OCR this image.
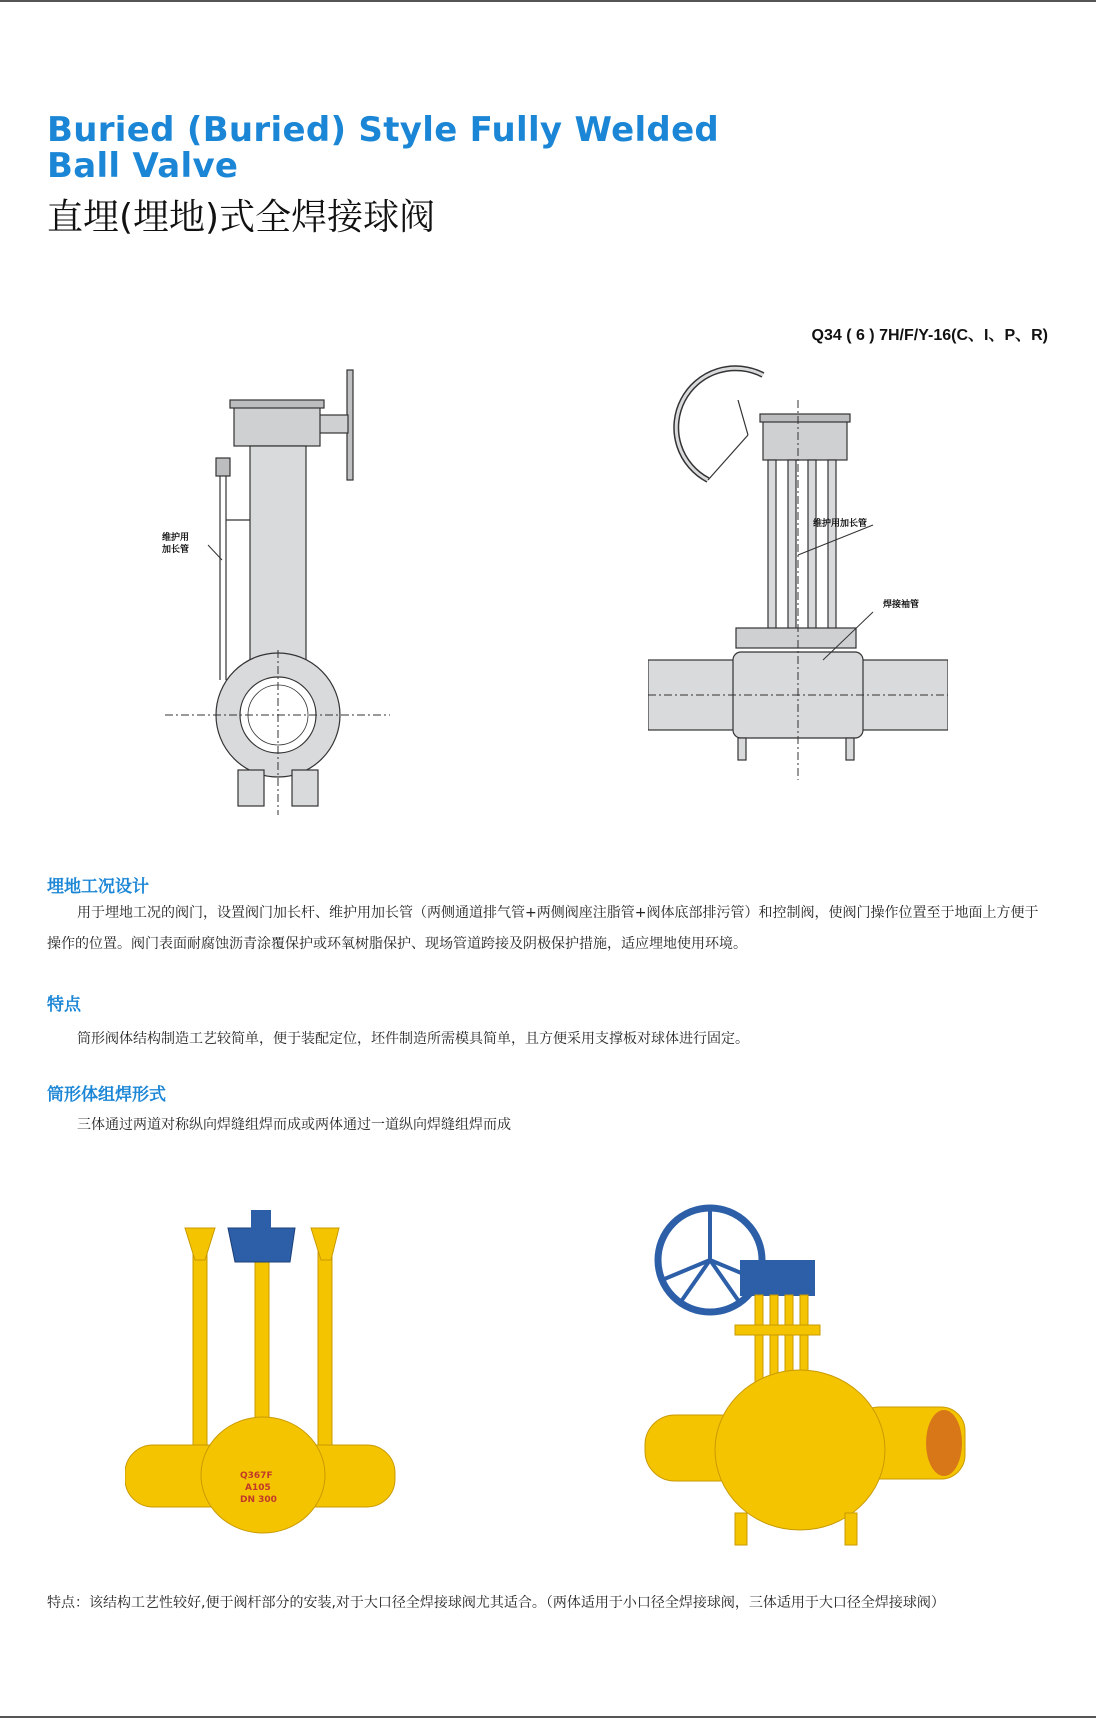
Buried (Buried) Style Fully Welded Ball Valve
直埋(埋地)式全焊接球阀
Q34 ( 6 ) 7H/F/Y-16(C、I、P、R)
维护用
加长管
维护用加长管
焊接袖管
埋地工况设计
用于埋地工况的阀门，设置阀门加长杆、维护用加长管（两侧通道排气管+两侧阀座注脂管+阀体底部排污管）和控制阀，使阀门操作位置至于地面上方便于操作的位置。阀门表面耐腐蚀沥青涂覆保护或环氧树脂保护、现场管道跨接及阴极保护措施，适应埋地使用环境。
特点
筒形阀体结构制造工艺较简单，便于装配定位，坯件制造所需模具简单，且方便采用支撑板对球体进行固定。
筒形体组焊形式
三体通过两道对称纵向焊缝组焊而成或两体通过一道纵向焊缝组焊而成
Q367F
A105
DN 300
特点：该结构工艺性较好,便于阀杆部分的安装,对于大口径全焊接球阀尤其适合。（两体适用于小口径全焊接球阀，三体适用于大口径全焊接球阀）
